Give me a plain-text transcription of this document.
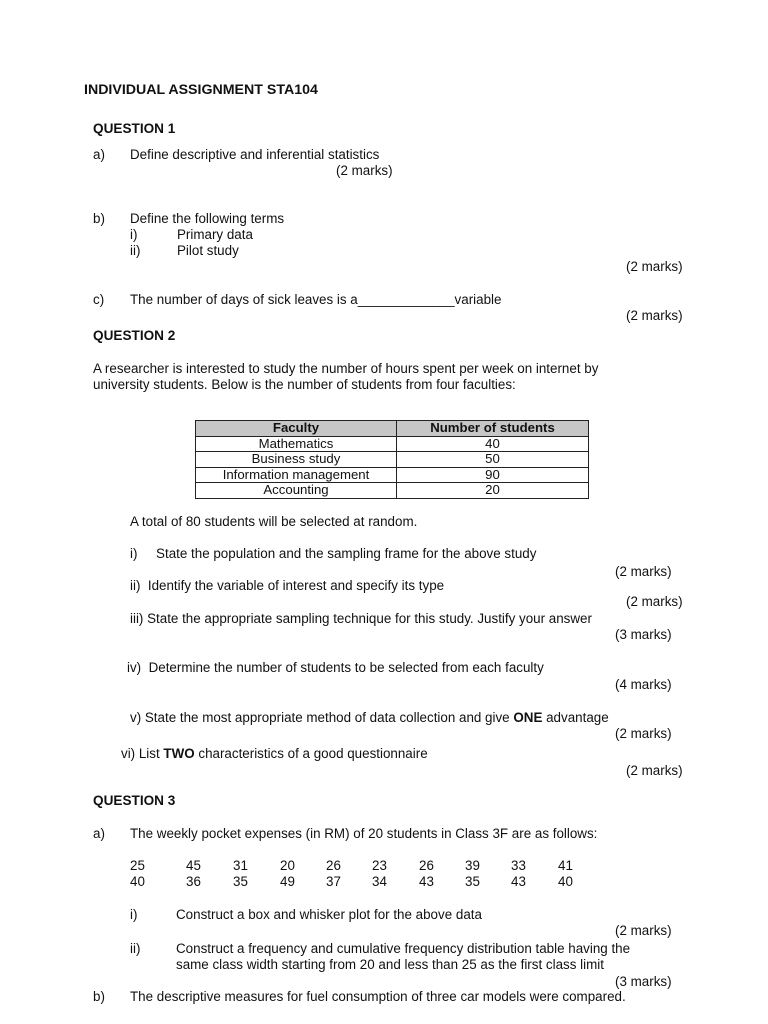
INDIVIDUAL ASSIGNMENT STA104
QUESTION 1
a) Define descriptive and inferential statistics
(2 marks)
b) Define the following terms
i)	Primary data
ii)	Pilot study
(2 marks)
c) The number of days of sick leaves is a_____________variable
(2 marks)
QUESTION 2
A researcher is interested to study the number of hours spent per week on internet by
university students. Below is the number of students from four faculties:
Faculty	Number of students
Mathematics	40
Business study	50
Information management	90
Accounting	20
A total of 80 students will be selected at random.
i)     State the population and the sampling frame for the above study
(2 marks)
ii)  Identify the variable of interest and specify its type
(2 marks)
iii) State the appropriate sampling technique for this study. Justify your answer
(3 marks)
iv)  Determine the number of students to be selected from each faculty
(4 marks)
v) State the most appropriate method of data collection and give ONE advantage
(2 marks)
vi) List TWO characteristics of a good questionnaire
(2 marks)
QUESTION 3
a) The weekly pocket expenses (in RM) of 20 students in Class 3F are as follows:
25	45 31 20 26 23 26 39 33 41
40	36 35 49 37 34 43 35 43 40
i)	Construct a box and whisker plot for the above data
(2 marks)
ii)	Construct a frequency and cumulative frequency distribution table having the
same class width starting from 20 and less than 25 as the first class limit
(3 marks)
b) The descriptive measures for fuel consumption of three car models were compared.
